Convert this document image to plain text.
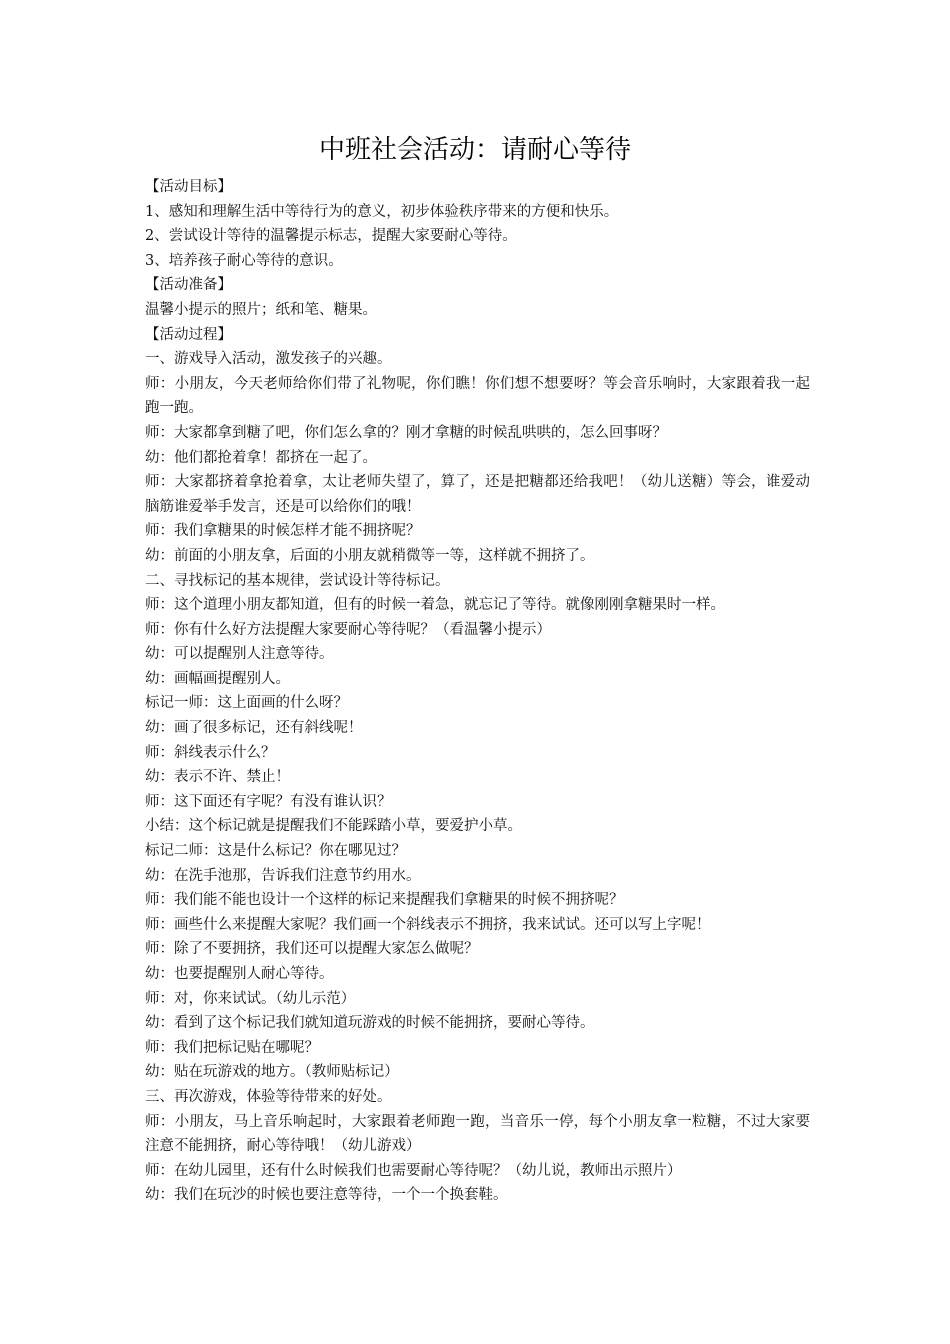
中班社会活动：请耐心等待

【活动目标】

1、感知和理解生活中等待行为的意义，初步体验秩序带来的方便和快乐。

2、尝试设计等待的温馨提示标志，提醒大家要耐心等待。

3、培养孩子耐心等待的意识。

【活动准备】

温馨小提示的照片；纸和笔、糖果。

【活动过程】

一、游戏导入活动，激发孩子的兴趣。

师：小朋友，今天老师给你们带了礼物呢，你们瞧！你们想不想要呀？等会音乐响时，大家跟着我一起跑一跑。

师：大家都拿到糖了吧，你们怎么拿的？刚才拿糖的时候乱哄哄的，怎么回事呀？

幼：他们都抢着拿！都挤在一起了。

师：大家都挤着拿抢着拿，太让老师失望了，算了，还是把糖都还给我吧！（幼儿送糖）等会，谁爱动脑筋谁爱举手发言，还是可以给你们的哦！

师：我们拿糖果的时候怎样才能不拥挤呢？

幼：前面的小朋友拿，后面的小朋友就稍微等一等，这样就不拥挤了。

二、寻找标记的基本规律，尝试设计等待标记。

师：这个道理小朋友都知道，但有的时候一着急，就忘记了等待。就像刚刚拿糖果时一样。

师：你有什么好方法提醒大家要耐心等待呢？（看温馨小提示）

幼：可以提醒别人注意等待。

幼：画幅画提醒别人。

标记一师：这上面画的什么呀？

幼：画了很多标记，还有斜线呢！

师：斜线表示什么？

幼：表示不许、禁止！

师：这下面还有字呢？有没有谁认识？

小结：这个标记就是提醒我们不能踩踏小草，要爱护小草。

标记二师：这是什么标记？你在哪见过？

幼：在洗手池那，告诉我们注意节约用水。

师：我们能不能也设计一个这样的标记来提醒我们拿糖果的时候不拥挤呢？

师：画些什么来提醒大家呢？我们画一个斜线表示不拥挤，我来试试。还可以写上字呢！

师：除了不要拥挤，我们还可以提醒大家怎么做呢？

幼：也要提醒别人耐心等待。

师：对，你来试试。（幼儿示范）

幼：看到了这个标记我们就知道玩游戏的时候不能拥挤，要耐心等待。

师：我们把标记贴在哪呢？

幼：贴在玩游戏的地方。（教师贴标记）

三、再次游戏，体验等待带来的好处。

师：小朋友，马上音乐响起时，大家跟着老师跑一跑，当音乐一停，每个小朋友拿一粒糖，不过大家要注意不能拥挤，耐心等待哦！（幼儿游戏）

师：在幼儿园里，还有什么时候我们也需要耐心等待呢？（幼儿说，教师出示照片）

幼：我们在玩沙的时候也要注意等待，一个一个换套鞋。
